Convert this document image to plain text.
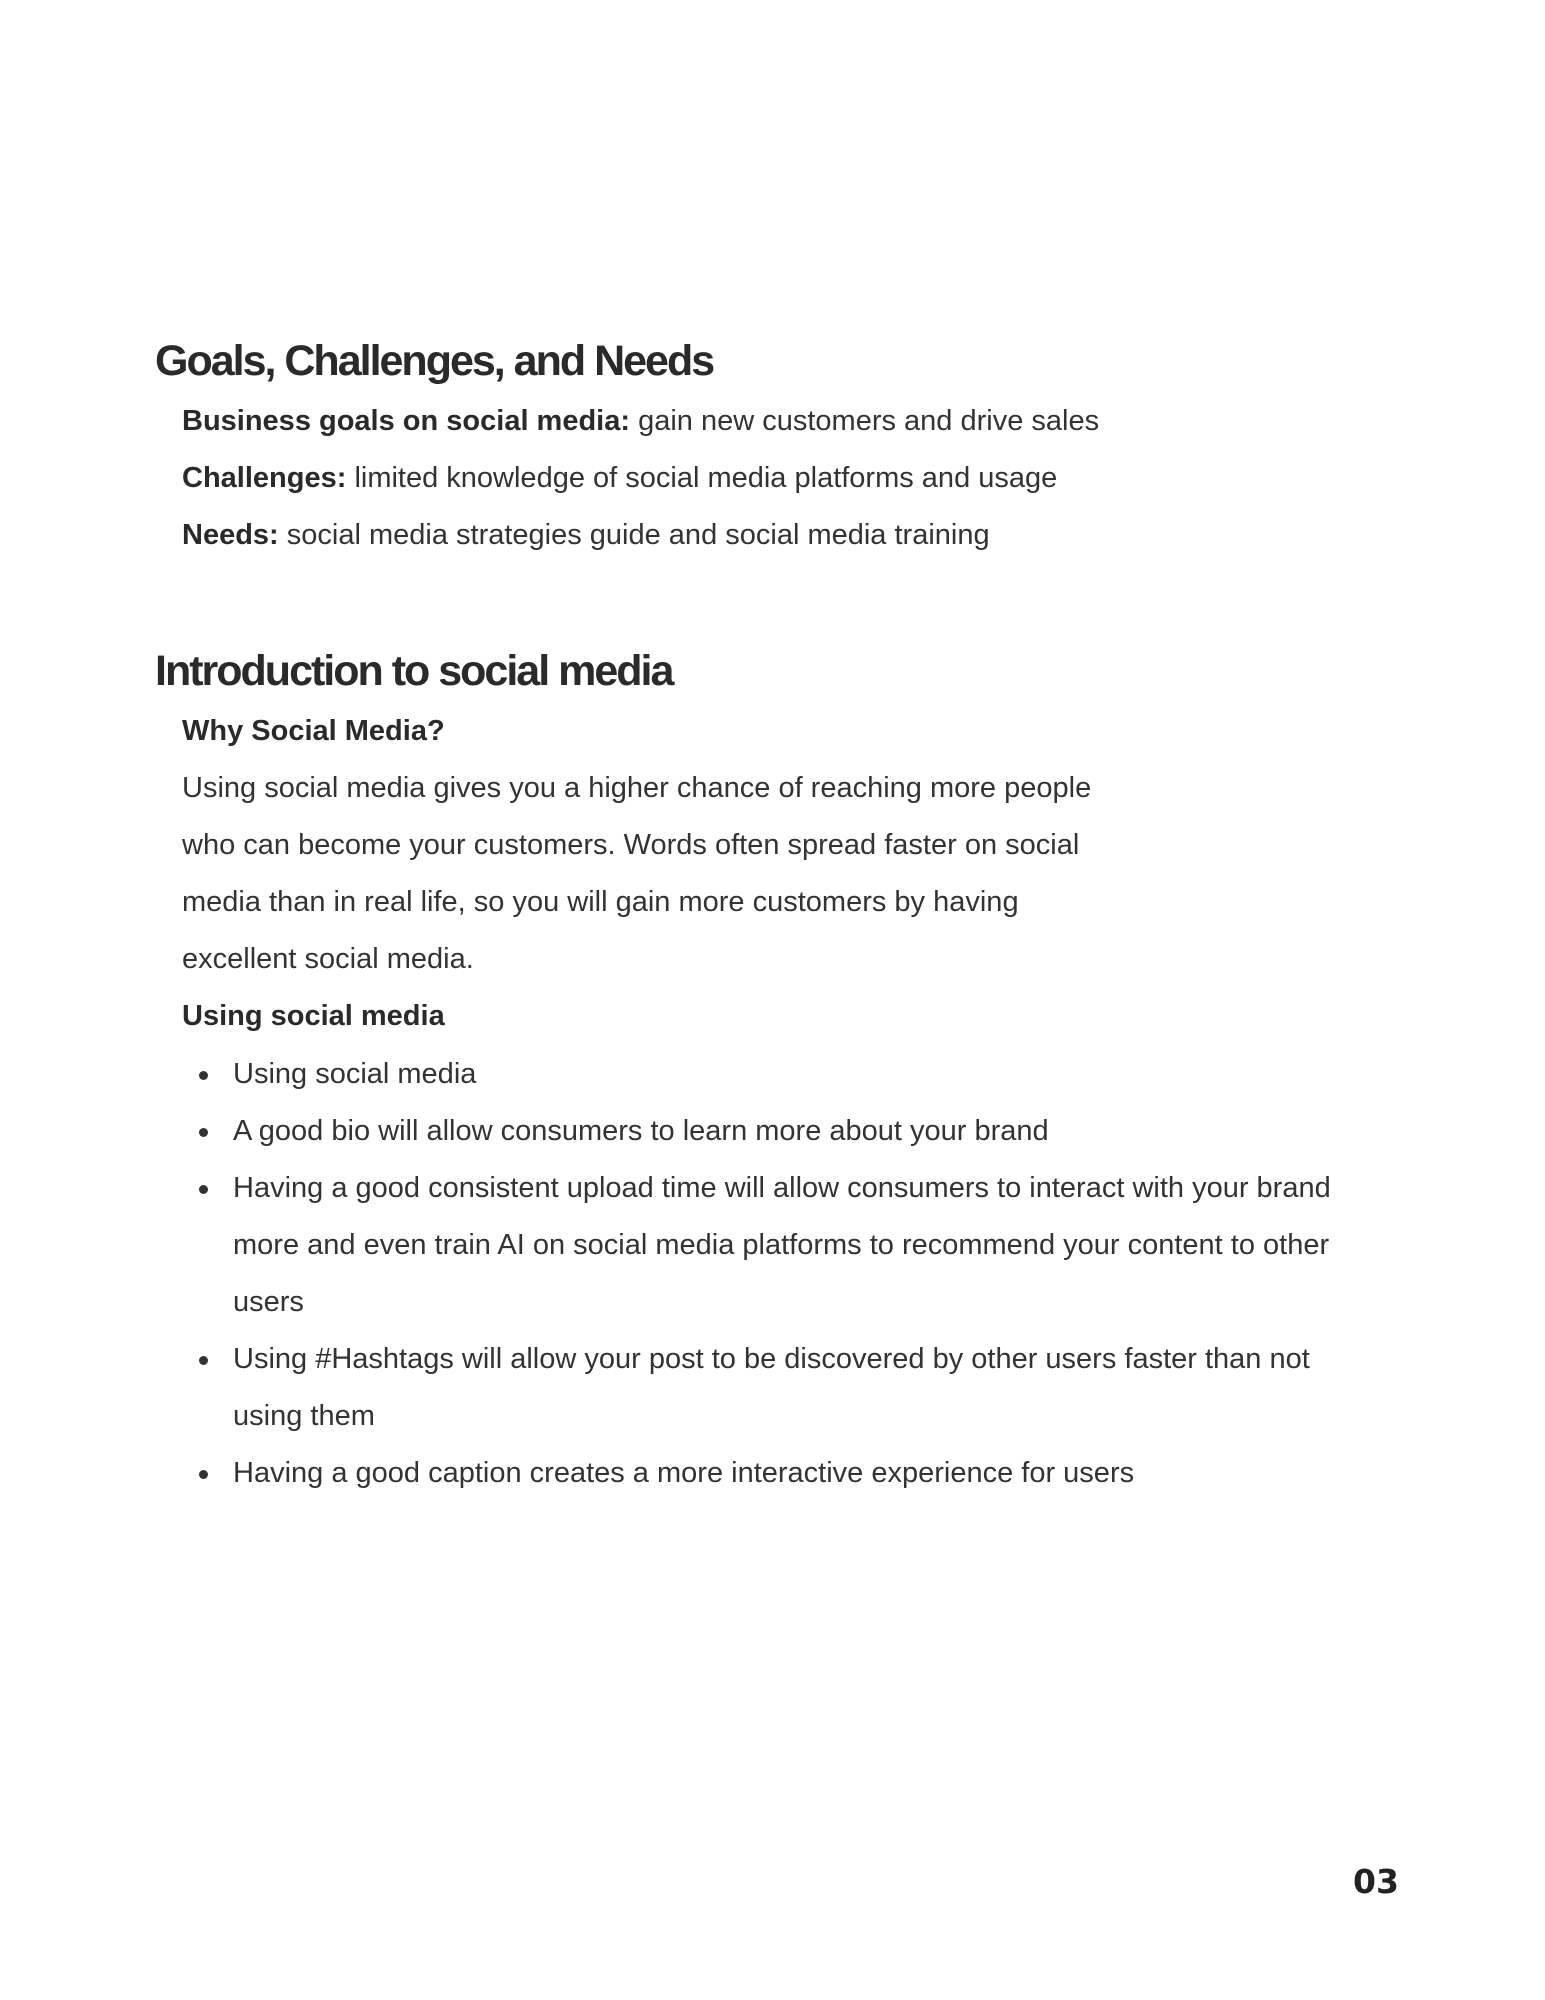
Goals, Challenges, and Needs

Business goals on social media: gain new customers and drive sales

Challenges: limited knowledge of social media platforms and usage

Needs: social media strategies guide and social media training

Introduction to social media

Why Social Media?

Using social media gives you a higher chance of reaching more people

who can become your customers. Words often spread faster on social

media than in real life, so you will gain more customers by having

excellent social media.

Using social media

Using social media
A good bio will allow consumers to learn more about your brand
Having a good consistent upload time will allow consumers to interact with your brand more and even train AI on social media platforms to recommend your content to other users
Using #Hashtags will allow your post to be discovered by other users faster than not using them
Having a good caption creates a more interactive experience for users
03
